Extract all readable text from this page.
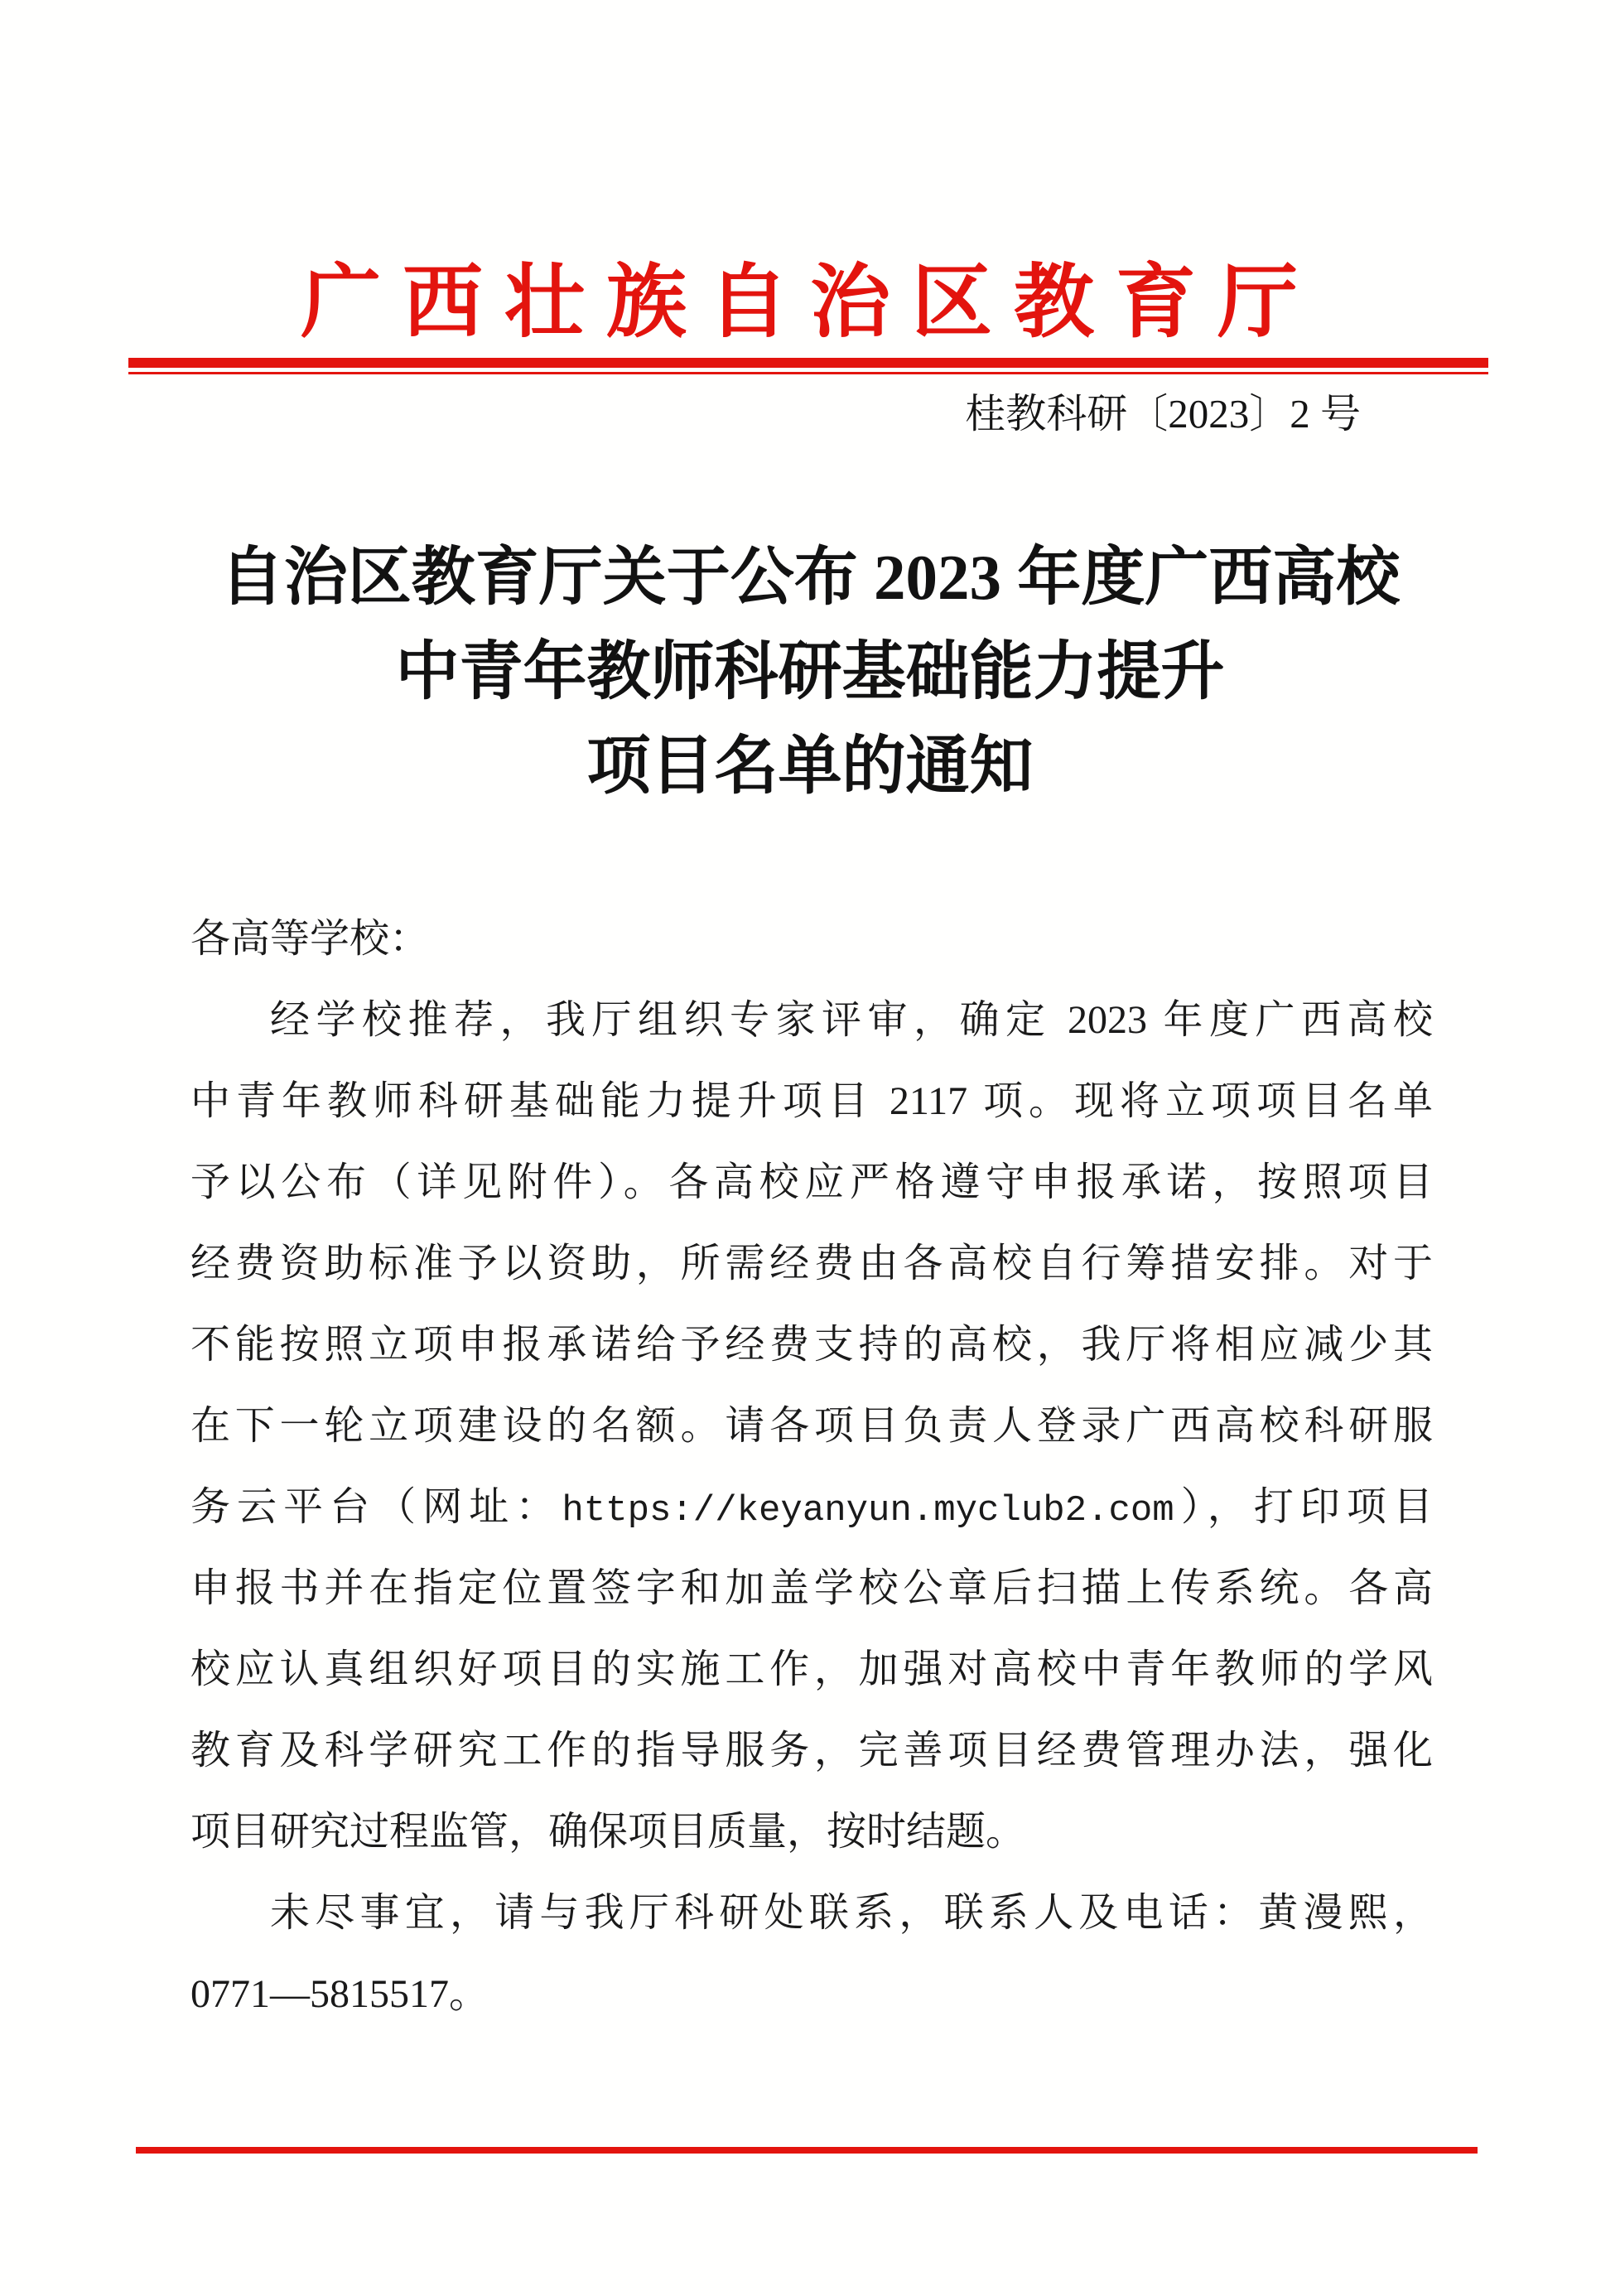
广西壮族自治区教育厅
桂教科研〔2023〕2 号
自治区教育厅关于公布 2023 年度广西高校
中青年教师科研基础能力提升
项目名单的通知
各高等学校：
经学校推荐，我厅组织专家评审，确定 2023 年度广西高校
中青年教师科研基础能力提升项目 2117 项。现将立项项目名单
予以公布（详见附件）。各高校应严格遵守申报承诺，按照项目
经费资助标准予以资助，所需经费由各高校自行筹措安排。对于
不能按照立项申报承诺给予经费支持的高校，我厅将相应减少其
在下一轮立项建设的名额。请各项目负责人登录广西高校科研服
务云平台（网址：https://keyanyun.myclub2.com），打印项目
申报书并在指定位置签字和加盖学校公章后扫描上传系统。各高
校应认真组织好项目的实施工作，加强对高校中青年教师的学风
教育及科学研究工作的指导服务，完善项目经费管理办法，强化
项目研究过程监管，确保项目质量，按时结题。
未尽事宜，请与我厅科研处联系，联系人及电话：黄漫熙，
0771—5815517。
